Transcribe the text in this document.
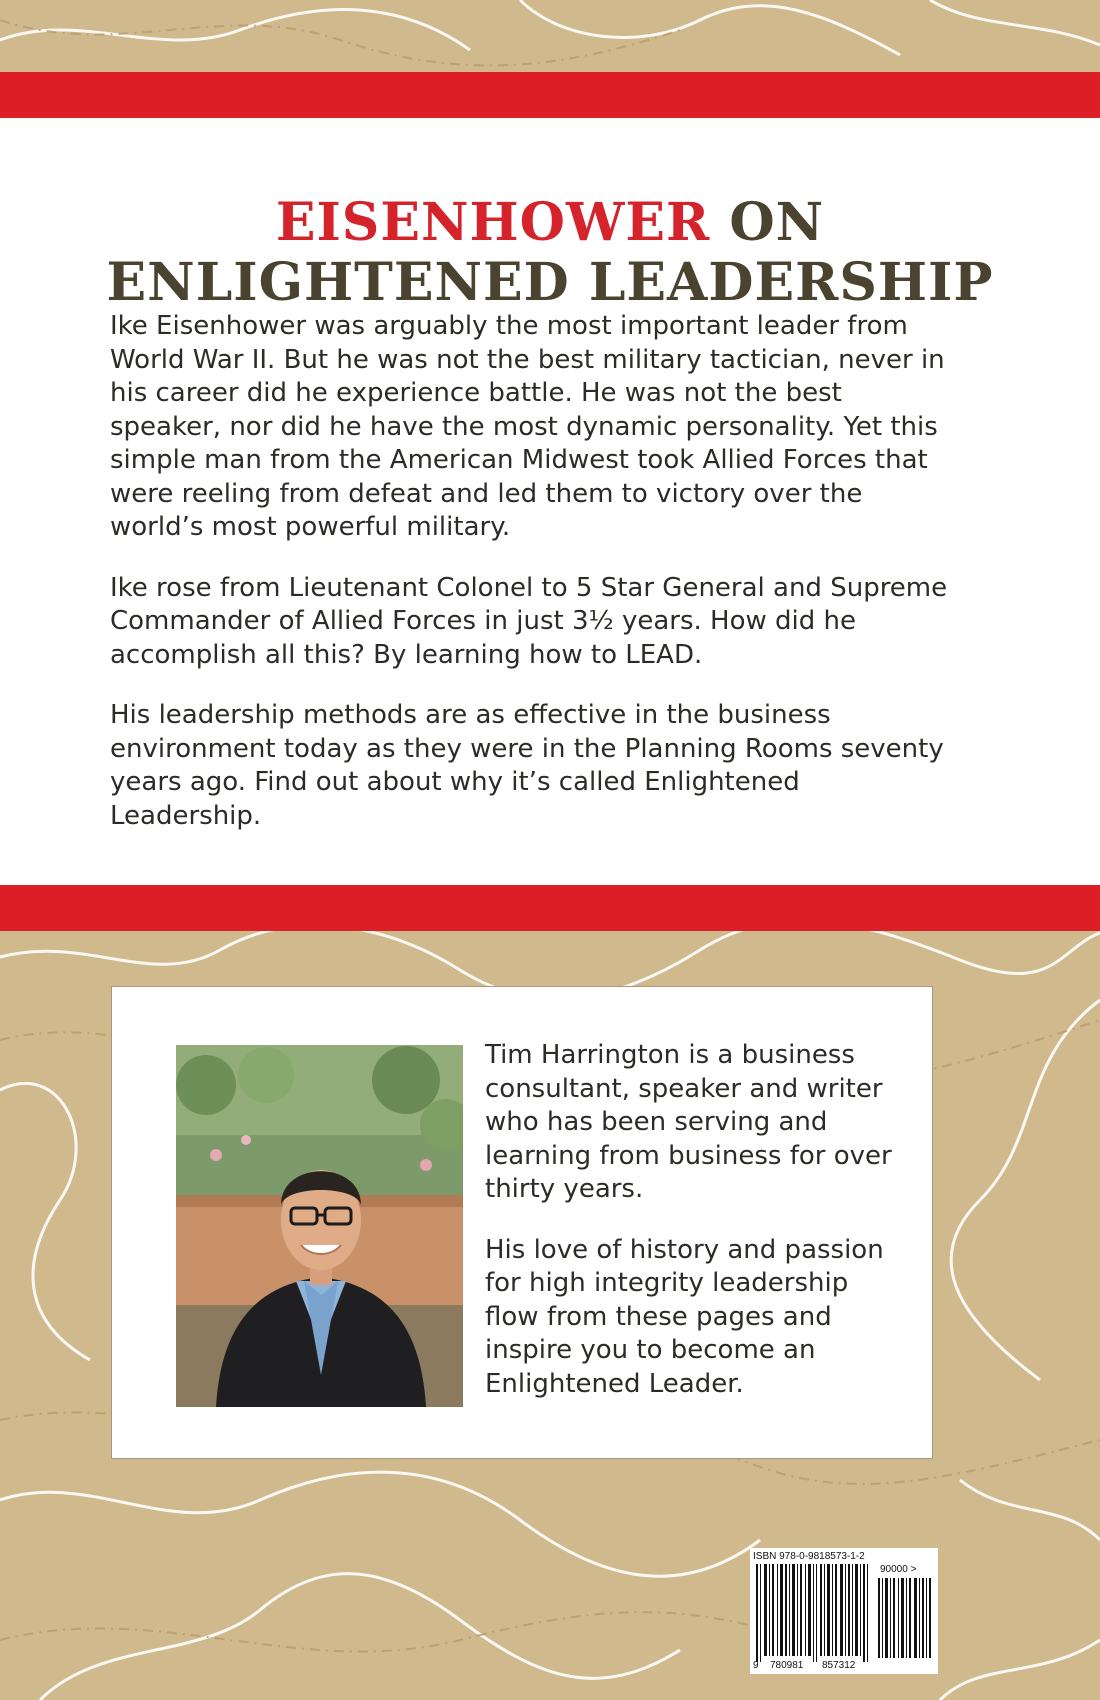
EISENHOWER ON
ENLIGHTENED LEADERSHIP

Ike Eisenhower was arguably the most important leader from World War II. But he was not the best military tactician, never in his career did he experience battle. He was not the best speaker, nor did he have the most dynamic personality. Yet this simple man from the American Midwest took Allied Forces that were reeling from defeat and led them to victory over the world’s most powerful military.

Ike rose from Lieutenant Colonel to 5 Star General and Supreme Commander of Allied Forces in just 3½ years. How did he accomplish all this? By learning how to LEAD.

His leadership methods are as effective in the business environment today as they were in the Planning Rooms seventy years ago. Find out about why it’s called Enlightened Leadership.

Tim Harrington is a business consultant, speaker and writer who has been serving and learning from business for over thirty years.

His love of history and passion for high integrity leadership flow from these pages and inspire you to become an Enlightened Leader.

ISBN 978-0-9818573-1-2
90000 >
9 780981 857312
